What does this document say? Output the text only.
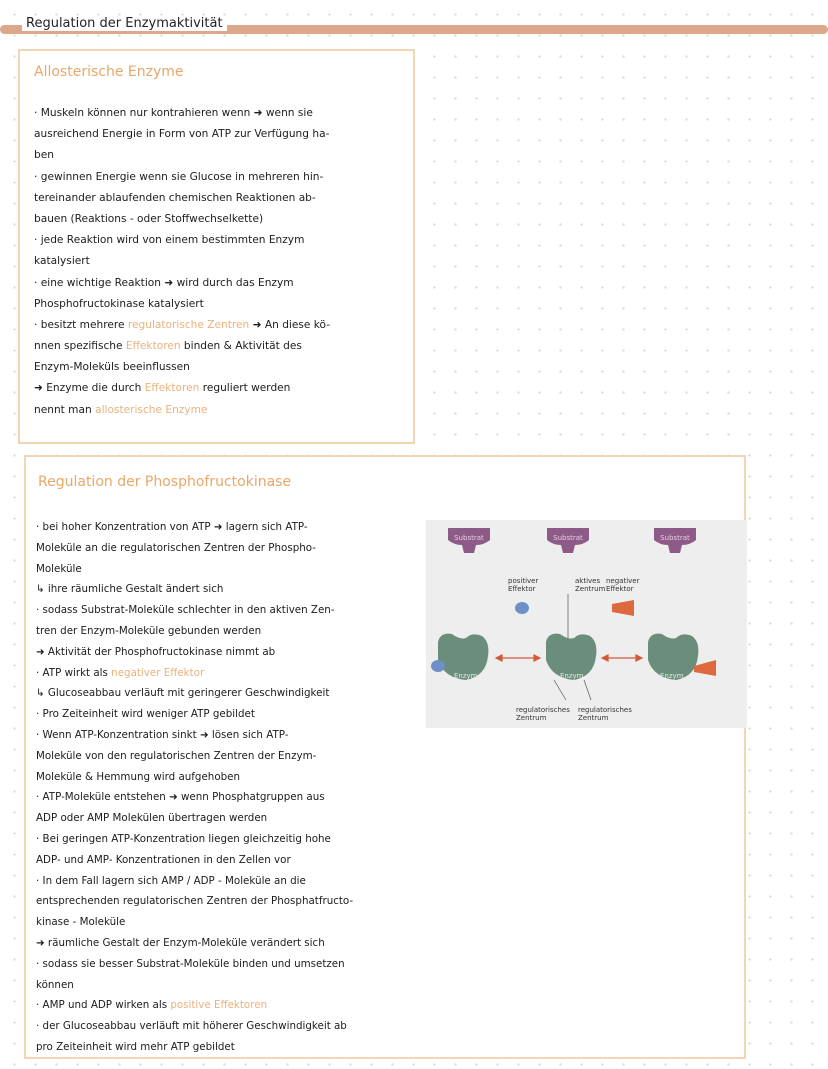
Regulation der Enzymaktivität
Allosterische Enzyme
· Muskeln können nur kontrahieren wenn ➜ wenn sie
ausreichend Energie in Form von ATP zur Verfügung ha-
ben
· gewinnen Energie wenn sie Glucose in mehreren hin-
tereinander ablaufenden chemischen Reaktionen ab-
bauen (Reaktions - oder Stoffwechselkette)
· jede Reaktion wird von einem bestimmten Enzym
katalysiert
· eine wichtige Reaktion ➜ wird durch das Enzym
Phosphofructokinase katalysiert
· besitzt mehrere regulatorische Zentren ➜ An diese kö-
nnen spezifische Effektoren binden & Aktivität des
Enzym-Moleküls beeinflussen
➜ Enzyme die durch Effektoren reguliert werden
nennt man allosterische Enzyme
Regulation der Phosphofructokinase
· bei hoher Konzentration von ATP ➜ lagern sich ATP-
Moleküle an die regulatorischen Zentren der Phospho-
Moleküle
↳ ihre räumliche Gestalt ändert sich
· sodass Substrat-Moleküle schlechter in den aktiven Zen-
tren der Enzym-Moleküle gebunden werden
➜ Aktivität der Phosphofructokinase nimmt ab
· ATP wirkt als negativer Effektor
↳ Glucoseabbau verläuft mit geringerer Geschwindigkeit
· Pro Zeiteinheit wird weniger ATP gebildet
· Wenn ATP-Konzentration sinkt ➜ lösen sich ATP-
Moleküle von den regulatorischen Zentren der Enzym-
Moleküle & Hemmung wird aufgehoben
· ATP-Moleküle entstehen ➜ wenn Phosphatgruppen aus
ADP oder AMP Molekülen übertragen werden
· Bei geringen ATP-Konzentration liegen gleichzeitig hohe
ADP- und AMP- Konzentrationen in den Zellen vor
· In dem Fall lagern sich AMP / ADP - Moleküle an die
entsprechenden regulatorischen Zentren der Phosphatfructo-
kinase - Moleküle
➜ räumliche Gestalt der Enzym-Moleküle verändert sich
· sodass sie besser Substrat-Moleküle binden und umsetzen
können
· AMP und ADP wirken als positive Effektoren
· der Glucoseabbau verläuft mit höherer Geschwindigkeit ab
pro Zeiteinheit wird mehr ATP gebildet
Substrat	Substrat	Substrat
positiver
Effektor
aktives
Zentrum
negativer
Effektor
Enzym	Enzym	Enzym
regulatorisches
Zentrum
regulatorisches
Zentrum
